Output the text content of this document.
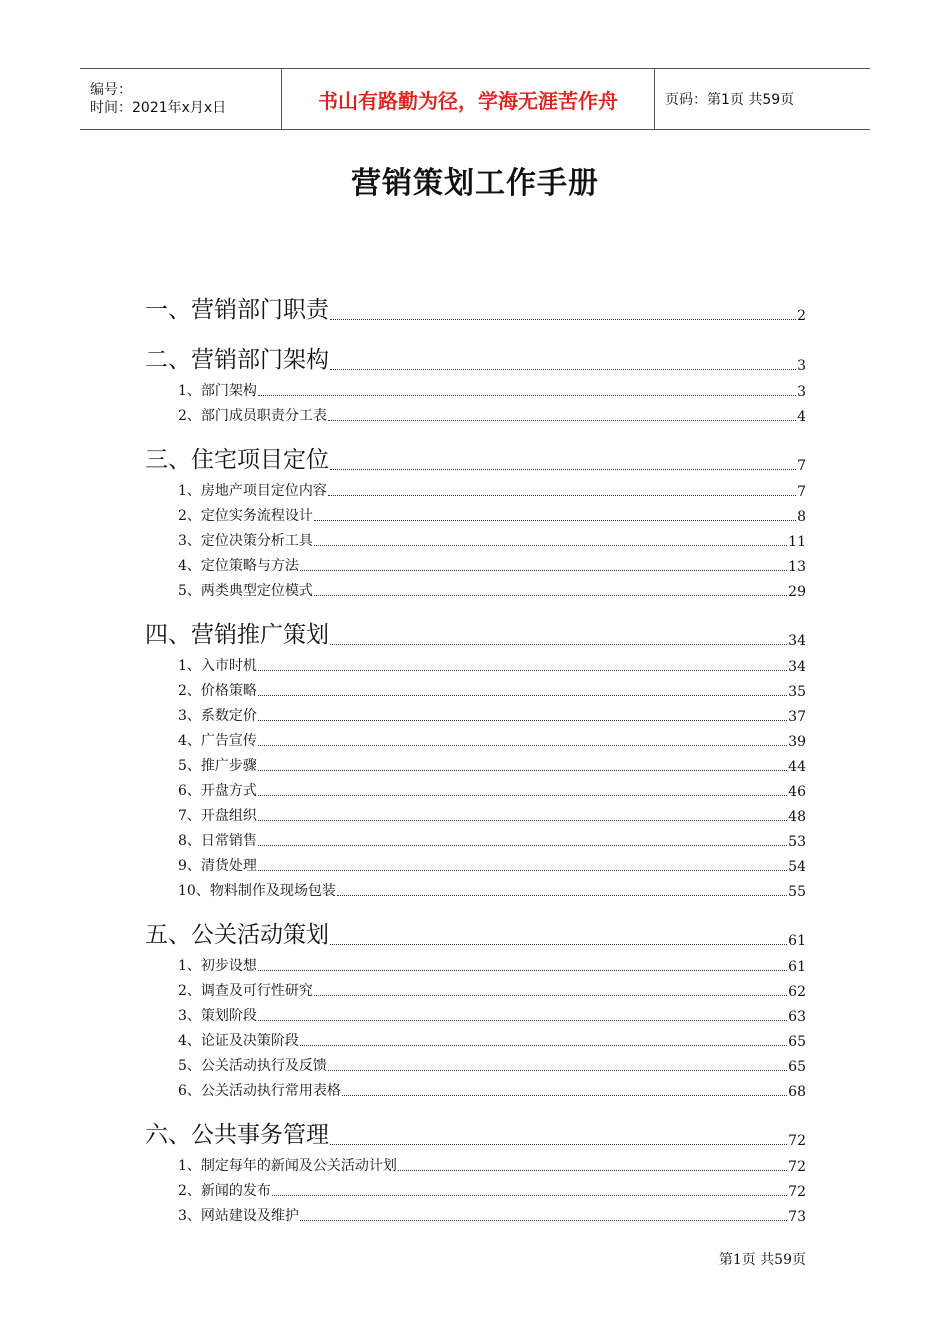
编号：
时间：2021年x月x日	书山有路勤为径，学海无涯苦作舟	页码：第1页 共59页
营销策划工作手册
一、营销部门职责	2
二、营销部门架构	3
1、部门架构	3
2、部门成员职责分工表	4
三、住宅项目定位	7
1、房地产项目定位内容	7
2、定位实务流程设计	8
3、定位决策分析工具	11
4、定位策略与方法	13
5、两类典型定位模式	29
四、营销推广策划	34
1、入市时机	34
2、价格策略	35
3、系数定价	37
4、广告宣传	39
5、推广步骤	44
6、开盘方式	46
7、开盘组织	48
8、日常销售	53
9、清货处理	54
10、物料制作及现场包装	55
五、公关活动策划	61
1、初步设想	61
2、调查及可行性研究	62
3、策划阶段	63
4、论证及决策阶段	65
5、公关活动执行及反馈	65
6、公关活动执行常用表格	68
六、公共事务管理	72
1、制定每年的新闻及公关活动计划	72
2、新闻的发布	72
3、网站建设及维护	73
第1页 共59页
